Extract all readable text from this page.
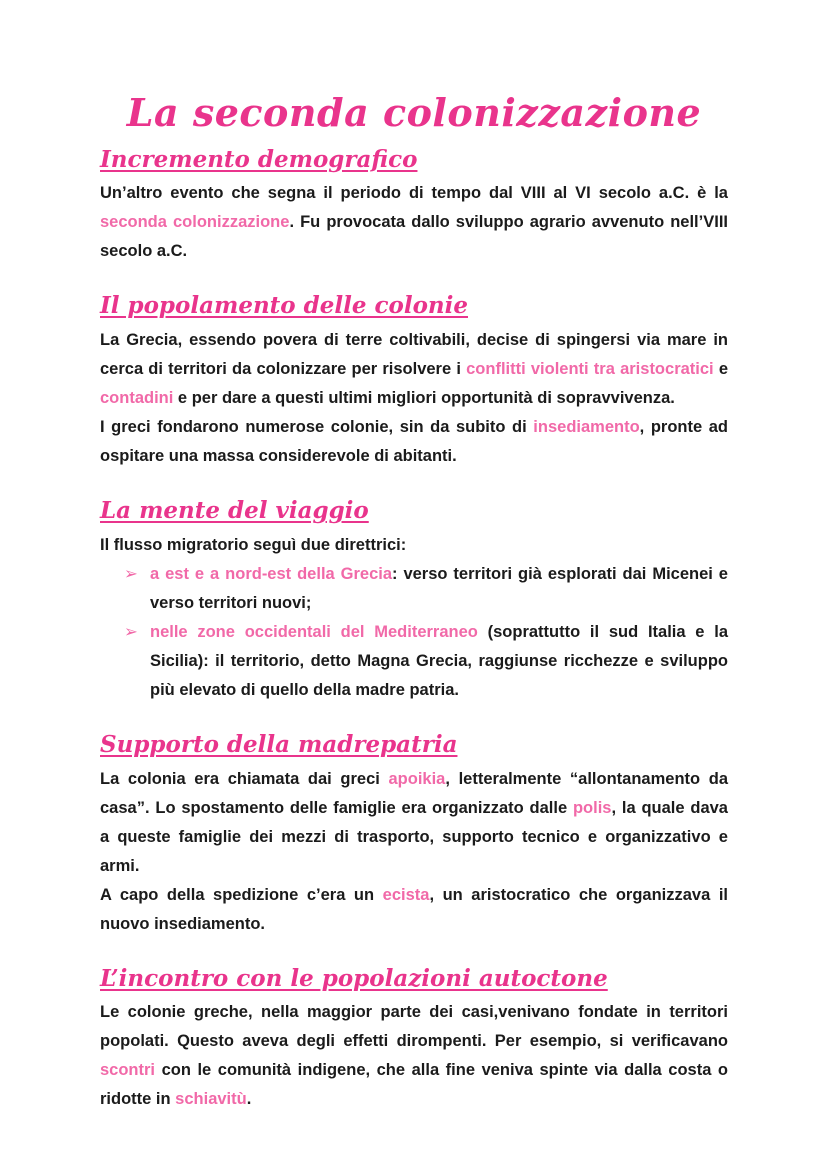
La seconda colonizzazione
Incremento demografico

Un’altro evento che segna il periodo di tempo dal VIII al VI secolo a.C. è la seconda colonizzazione. Fu provocata dallo sviluppo agrario avvenuto nell’VIII secolo a.C.

Il popolamento delle colonie

La Grecia, essendo povera di terre coltivabili, decise di spingersi via mare in cerca di territori da colonizzare per risolvere i conflitti violenti tra aristocratici e contadini e per dare a questi ultimi migliori opportunità di sopravvivenza.

I greci fondarono numerose colonie, sin da subito di insediamento, pronte ad ospitare una massa considerevole di abitanti.

La mente del viaggio

Il flusso migratorio seguì due direttrici:

➢ a est e a nord-est della Grecia: verso territori già esplorati dai Micenei e verso territori nuovi;
➢ nelle zone occidentali del Mediterraneo (soprattutto il sud Italia e la Sicilia): il territorio, detto Magna Grecia, raggiunse ricchezze e sviluppo più elevato di quello della madre patria.
Supporto della madrepatria

La colonia era chiamata dai greci apoikia, letteralmente “allontanamento da casa”. Lo spostamento delle famiglie era organizzato dalle polis, la quale dava a queste famiglie dei mezzi di trasporto, supporto tecnico e organizzativo e armi.

A capo della spedizione c’era un ecista, un aristocratico che organizzava il nuovo insediamento.

L’incontro con le popolazioni autoctone

Le colonie greche, nella maggior parte dei casi,venivano fondate in territori popolati. Questo aveva degli effetti dirompenti. Per esempio, si verificavano scontri con le comunità indigene, che alla fine veniva spinte via dalla costa o ridotte in schiavitù.
